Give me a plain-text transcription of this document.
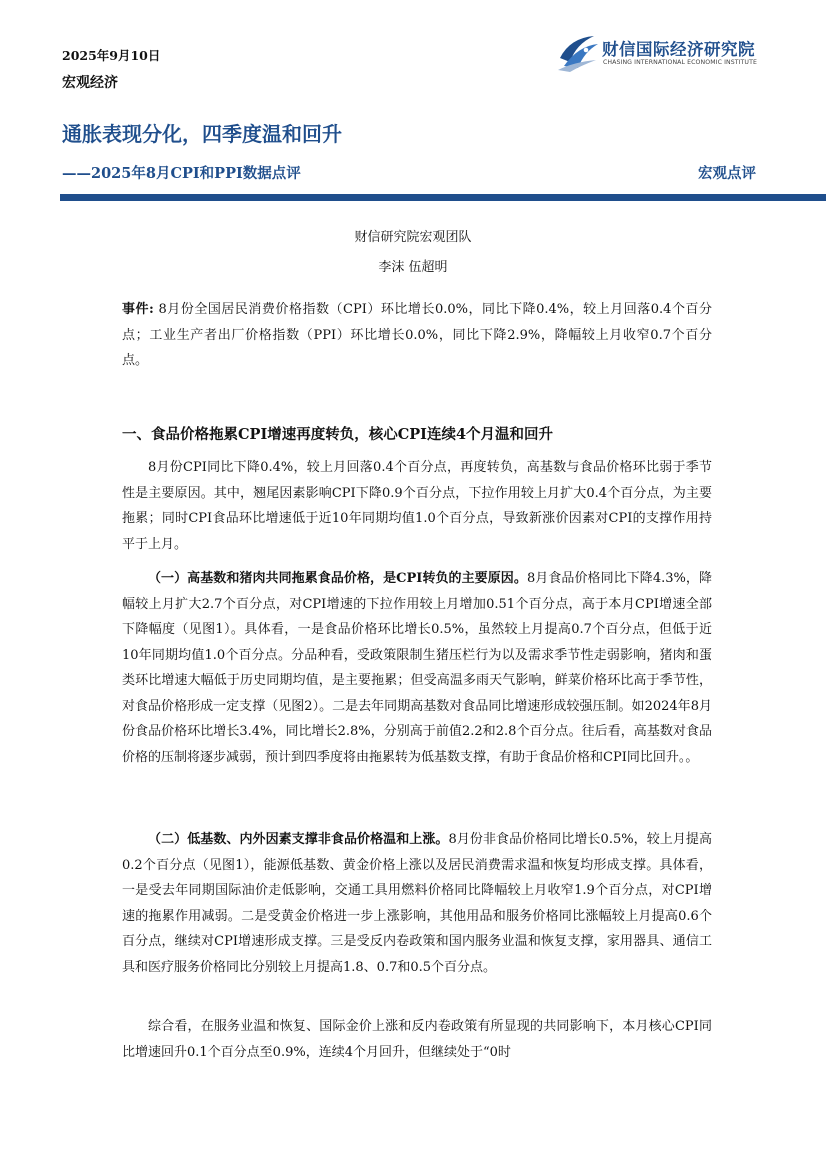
2025年9月10日
宏观经济
财信国际经济研究院
CHASING INTERNATIONAL ECONOMIC INSTITUTE
通胀表现分化，四季度温和回升
——2025年8月CPI和PPI数据点评	宏观点评
财信研究院宏观团队
李沫 伍超明
事件: 8月份全国居民消费价格指数（CPI）环比增长0.0%，同比下降0.4%，较上月回落0.4个百分点；工业生产者出厂价格指数（PPI）环比增长0.0%，同比下降2.9%，降幅较上月收窄0.7个百分点。
一、食品价格拖累CPI增速再度转负，核心CPI连续4个月温和回升
8月份CPI同比下降0.4%，较上月回落0.4个百分点，再度转负，高基数与食品价格环比弱于季节性是主要原因。其中，翘尾因素影响CPI下降0.9个百分点，下拉作用较上月扩大0.4个百分点，为主要拖累；同时CPI食品环比增速低于近10年同期均值1.0个百分点，导致新涨价因素对CPI的支撑作用持平于上月。
（一）高基数和猪肉共同拖累食品价格，是CPI转负的主要原因。8月食品价格同比下降4.3%，降幅较上月扩大2.7个百分点，对CPI增速的下拉作用较上月增加0.51个百分点，高于本月CPI增速全部下降幅度（见图1）。具体看，一是食品价格环比增长0.5%，虽然较上月提高0.7个百分点，但低于近10年同期均值1.0个百分点。分品种看，受政策限制生猪压栏行为以及需求季节性走弱影响，猪肉和蛋类环比增速大幅低于历史同期均值，是主要拖累；但受高温多雨天气影响，鲜菜价格环比高于季节性，对食品价格形成一定支撑（见图2）。二是去年同期高基数对食品同比增速形成较强压制。如2024年8月份食品价格环比增长3.4%，同比增长2.8%，分别高于前值2.2和2.8个百分点。往后看，高基数对食品价格的压制将逐步减弱，预计到四季度将由拖累转为低基数支撑，有助于食品价格和CPI同比回升。。
（二）低基数、内外因素支撑非食品价格温和上涨。8月份非食品价格同比增长0.5%，较上月提高0.2个百分点（见图1），能源低基数、黄金价格上涨以及居民消费需求温和恢复均形成支撑。具体看，一是受去年同期国际油价走低影响，交通工具用燃料价格同比降幅较上月收窄1.9个百分点，对CPI增速的拖累作用减弱。二是受黄金价格进一步上涨影响，其他用品和服务价格同比涨幅较上月提高0.6个百分点，继续对CPI增速形成支撑。三是受反内卷政策和国内服务业温和恢复支撑，家用器具、通信工具和医疗服务价格同比分别较上月提高1.8、0.7和0.5个百分点。
综合看，在服务业温和恢复、国际金价上涨和反内卷政策有所显现的共同影响下，本月核心CPI同比增速回升0.1个百分点至0.9%，连续4个月回升，但继续处于“0时
